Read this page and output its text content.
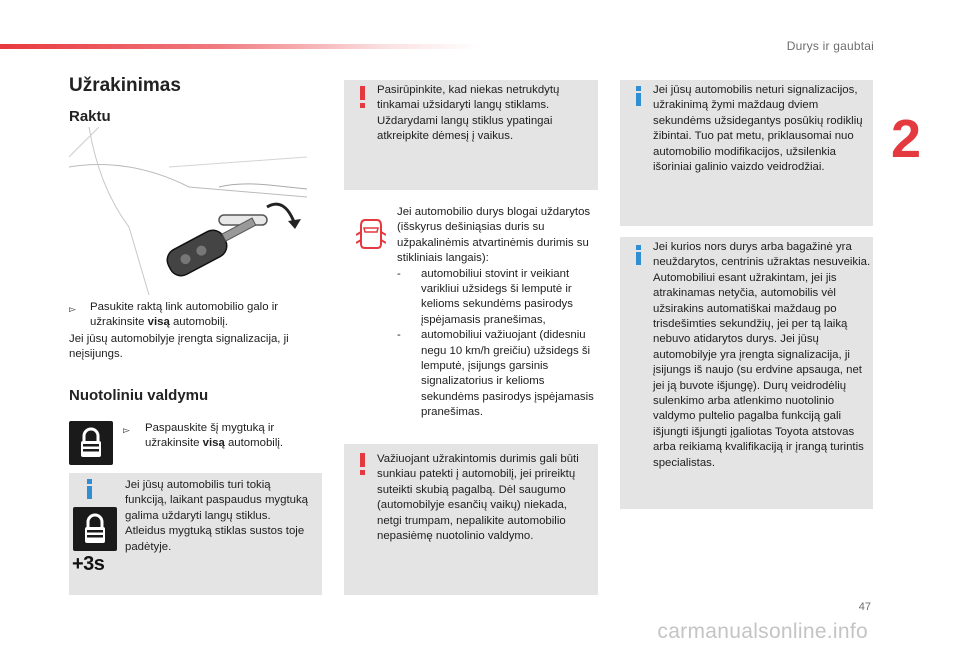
Durys ir gaubtai
2
Užrakinimas
Raktu
▻	Pasukite raktą link automobilio galo ir užrakinsite visą automobilį.
Jei jūsų automobilyje įrengta signalizacija, ji neįsijungs.
Nuotoliniu valdymu
▻	Paspauskite šį mygtuką ir užrakinsite visą automobilį.
Jei jūsų automobilis turi tokią funkciją, laikant paspaudus mygtuką galima uždaryti langų stiklus. Atleidus mygtuką stiklas sustos toje padėtyje.
+3s
Pasirūpinkite, kad niekas netrukdytų tinkamai užsidaryti langų stiklams. Uždarydami langų stiklus ypatingai atkreipkite dėmesį į vaikus.
Jei automobilio durys blogai uždarytos (išskyrus dešiniąsias duris su užpakalinėmis atvartinėmis durimis su stikliniais langais):
-	automobiliui stovint ir veikiant varikliui užsidegs ši lemputė ir kelioms sekundėms pasirodys įspėjamasis pranešimas,
-	automobiliui važiuojant (didesniu negu 10 km/h greičiu) užsidegs ši lemputė, įsijungs garsinis signalizatorius ir kelioms sekundėms pasirodys įspėjamasis pranešimas.
Važiuojant užrakintomis durimis gali būti sunkiau patekti į automobilį, jei prireiktų suteikti skubią pagalbą. Dėl saugumo (automobilyje esančių vaikų) niekada, netgi trumpam, nepalikite automobilio nepasiėmę nuotolinio valdymo.
Jei jūsų automobilis neturi signalizacijos, užrakinimą žymi maždaug dviem sekundėms užsidegantys posūkių rodiklių žibintai. Tuo pat metu, priklausomai nuo automobilio modifikacijos, užsilenkia išoriniai galinio vaizdo veidrodžiai.
Jei kurios nors durys arba bagažinė yra neuždarytos, centrinis užraktas nesuveikia. Automobiliui esant užrakintam, jei jis atrakinamas netyčia, automobilis vėl užsirakins automatiškai maždaug po trisdešimties sekundžių, jei per tą laiką nebuvo atidarytos durys. Jei jūsų automobilyje yra įrengta signalizacija, ji įsijungs iš naujo (su erdvine apsauga, net jei ją buvote išjungę). Durų veidrodėlių sulenkimo arba atlenkimo nuotolinio valdymo pultelio pagalba funkciją gali išjungti išjungti įgaliotas Toyota atstovas arba reikiamą kvalifikaciją ir įrangą turintis specialistas.
47
carmanualsonline.info
